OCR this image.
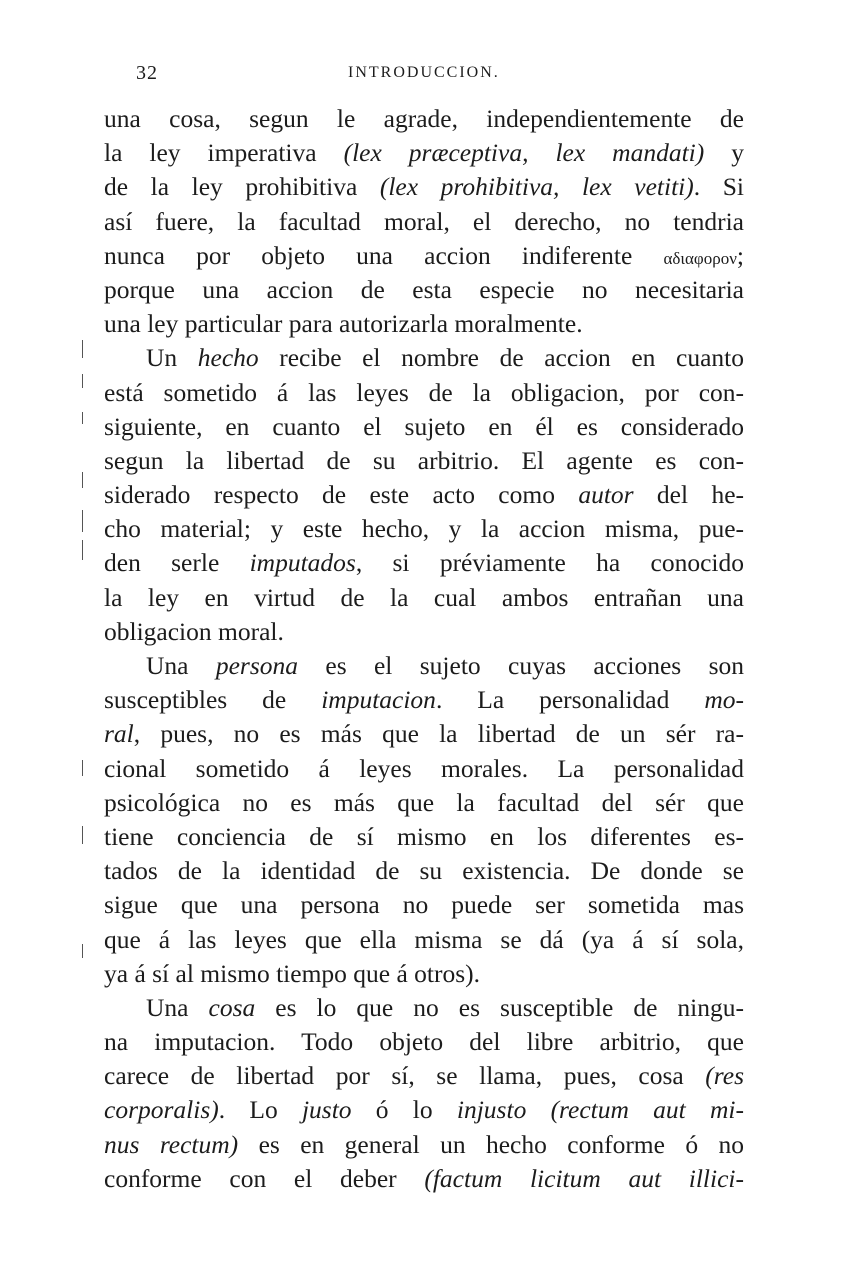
32	INTRODUCCION.
una cosa, segun le agrade, independientemente de
la ley imperativa (lex præceptiva, lex mandati) y
de la ley prohibitiva (lex prohibitiva, lex vetiti). Si
así fuere, la facultad moral, el derecho, no tendria
nunca por objeto una accion indiferente αδιαφορον;
porque una accion de esta especie no necesitaria
una ley particular para autorizarla moralmente.
Un hecho recibe el nombre de accion en cuanto
está sometido á las leyes de la obligacion, por con-
siguiente, en cuanto el sujeto en él es considerado
segun la libertad de su arbitrio. El agente es con-
siderado respecto de este acto como autor del he-
cho material; y este hecho, y la accion misma, pue-
den serle imputados, si préviamente ha conocido
la ley en virtud de la cual ambos entrañan una
obligacion moral.
Una persona es el sujeto cuyas acciones son
susceptibles de imputacion. La personalidad mo-
ral, pues, no es más que la libertad de un sér ra-
cional sometido á leyes morales. La personalidad
psicológica no es más que la facultad del sér que
tiene conciencia de sí mismo en los diferentes es-
tados de la identidad de su existencia. De donde se
sigue que una persona no puede ser sometida mas
que á las leyes que ella misma se dá (ya á sí sola,
ya á sí al mismo tiempo que á otros).
Una cosa es lo que no es susceptible de ningu-
na imputacion. Todo objeto del libre arbitrio, que
carece de libertad por sí, se llama, pues, cosa (res
corporalis). Lo justo ó lo injusto (rectum aut mi-
nus rectum) es en general un hecho conforme ó no
conforme con el deber (factum licitum aut illici-
